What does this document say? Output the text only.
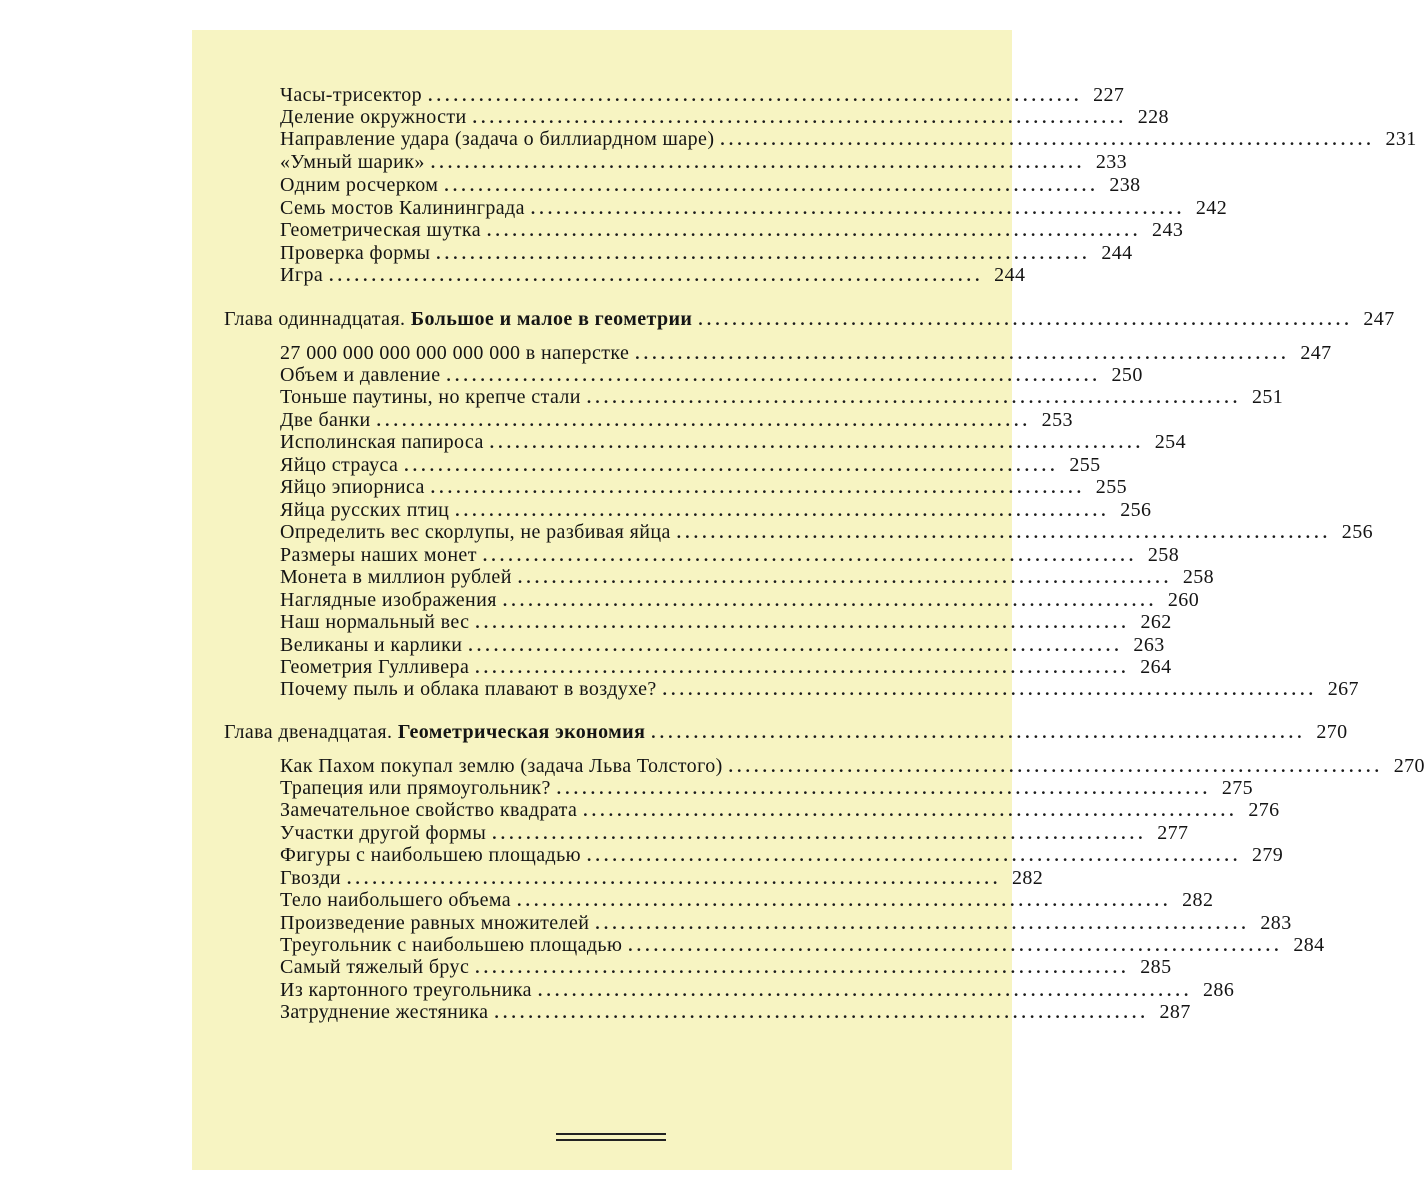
Часы-трисектор . . . . . . . . . . . . . . . . . . . . . . . . . . . . . . . . . . . . . . . . . . . . . . . . . . . . . . . . . . . . . . . . . . . . . . . . . . . . . 227
Деление окружности . . . . . . . . . . . . . . . . . . . . . . . . . . . . . . . . . . . . . . . . . . . . . . . . . . . . . . . . . . . . . . . . . . . . . . . . . . . . . 228
Направление удара (задача о биллиардном шаре) . . . . . . . . . . . . . . . . . . . . . . . . . . . . . . . . . . . . . . . . . . . . . . . . . . . . . . . . . . . . . . . . . . . . . . . . . . . . . 231
«Умный шарик» . . . . . . . . . . . . . . . . . . . . . . . . . . . . . . . . . . . . . . . . . . . . . . . . . . . . . . . . . . . . . . . . . . . . . . . . . . . . . 233
Одним росчерком . . . . . . . . . . . . . . . . . . . . . . . . . . . . . . . . . . . . . . . . . . . . . . . . . . . . . . . . . . . . . . . . . . . . . . . . . . . . . 238
Семь мостов Калининграда . . . . . . . . . . . . . . . . . . . . . . . . . . . . . . . . . . . . . . . . . . . . . . . . . . . . . . . . . . . . . . . . . . . . . . . . . . . . . 242
Геометрическая шутка . . . . . . . . . . . . . . . . . . . . . . . . . . . . . . . . . . . . . . . . . . . . . . . . . . . . . . . . . . . . . . . . . . . . . . . . . . . . . 243
Проверка формы . . . . . . . . . . . . . . . . . . . . . . . . . . . . . . . . . . . . . . . . . . . . . . . . . . . . . . . . . . . . . . . . . . . . . . . . . . . . . 244
Игра . . . . . . . . . . . . . . . . . . . . . . . . . . . . . . . . . . . . . . . . . . . . . . . . . . . . . . . . . . . . . . . . . . . . . . . . . . . . . 244
Глава одиннадцатая. Большое и малое в геометрии . . . . . . . . . . . . . . . . . . . . . . . . . . . . . . . . . . . . . . . . . . . . . . . . . . . . . . . . . . . . . . . . . . . . . . . . . . . . . 247
27 000 000 000 000 000 000 в наперстке . . . . . . . . . . . . . . . . . . . . . . . . . . . . . . . . . . . . . . . . . . . . . . . . . . . . . . . . . . . . . . . . . . . . . . . . . . . . . 247
Объем и давление . . . . . . . . . . . . . . . . . . . . . . . . . . . . . . . . . . . . . . . . . . . . . . . . . . . . . . . . . . . . . . . . . . . . . . . . . . . . . 250
Тоньше паутины, но крепче стали . . . . . . . . . . . . . . . . . . . . . . . . . . . . . . . . . . . . . . . . . . . . . . . . . . . . . . . . . . . . . . . . . . . . . . . . . . . . . 251
Две банки . . . . . . . . . . . . . . . . . . . . . . . . . . . . . . . . . . . . . . . . . . . . . . . . . . . . . . . . . . . . . . . . . . . . . . . . . . . . . 253
Исполинская папироса . . . . . . . . . . . . . . . . . . . . . . . . . . . . . . . . . . . . . . . . . . . . . . . . . . . . . . . . . . . . . . . . . . . . . . . . . . . . . 254
Яйцо страуса . . . . . . . . . . . . . . . . . . . . . . . . . . . . . . . . . . . . . . . . . . . . . . . . . . . . . . . . . . . . . . . . . . . . . . . . . . . . . 255
Яйцо эпиорниса . . . . . . . . . . . . . . . . . . . . . . . . . . . . . . . . . . . . . . . . . . . . . . . . . . . . . . . . . . . . . . . . . . . . . . . . . . . . . 255
Яйца русских птиц . . . . . . . . . . . . . . . . . . . . . . . . . . . . . . . . . . . . . . . . . . . . . . . . . . . . . . . . . . . . . . . . . . . . . . . . . . . . . 256
Определить вес скорлупы, не разбивая яйца . . . . . . . . . . . . . . . . . . . . . . . . . . . . . . . . . . . . . . . . . . . . . . . . . . . . . . . . . . . . . . . . . . . . . . . . . . . . . 256
Размеры наших монет . . . . . . . . . . . . . . . . . . . . . . . . . . . . . . . . . . . . . . . . . . . . . . . . . . . . . . . . . . . . . . . . . . . . . . . . . . . . . 258
Монета в миллион рублей . . . . . . . . . . . . . . . . . . . . . . . . . . . . . . . . . . . . . . . . . . . . . . . . . . . . . . . . . . . . . . . . . . . . . . . . . . . . . 258
Наглядные изображения . . . . . . . . . . . . . . . . . . . . . . . . . . . . . . . . . . . . . . . . . . . . . . . . . . . . . . . . . . . . . . . . . . . . . . . . . . . . . 260
Наш нормальный вес . . . . . . . . . . . . . . . . . . . . . . . . . . . . . . . . . . . . . . . . . . . . . . . . . . . . . . . . . . . . . . . . . . . . . . . . . . . . . 262
Великаны и карлики . . . . . . . . . . . . . . . . . . . . . . . . . . . . . . . . . . . . . . . . . . . . . . . . . . . . . . . . . . . . . . . . . . . . . . . . . . . . . 263
Геометрия Гулливера . . . . . . . . . . . . . . . . . . . . . . . . . . . . . . . . . . . . . . . . . . . . . . . . . . . . . . . . . . . . . . . . . . . . . . . . . . . . . 264
Почему пыль и облака плавают в воздухе? . . . . . . . . . . . . . . . . . . . . . . . . . . . . . . . . . . . . . . . . . . . . . . . . . . . . . . . . . . . . . . . . . . . . . . . . . . . . . 267
Глава двенадцатая. Геометрическая экономия . . . . . . . . . . . . . . . . . . . . . . . . . . . . . . . . . . . . . . . . . . . . . . . . . . . . . . . . . . . . . . . . . . . . . . . . . . . . . 270
Как Пахом покупал землю (задача Льва Толстого) . . . . . . . . . . . . . . . . . . . . . . . . . . . . . . . . . . . . . . . . . . . . . . . . . . . . . . . . . . . . . . . . . . . . . . . . . . . . . 270
Трапеция или прямоугольник? . . . . . . . . . . . . . . . . . . . . . . . . . . . . . . . . . . . . . . . . . . . . . . . . . . . . . . . . . . . . . . . . . . . . . . . . . . . . . 275
Замечательное свойство квадрата . . . . . . . . . . . . . . . . . . . . . . . . . . . . . . . . . . . . . . . . . . . . . . . . . . . . . . . . . . . . . . . . . . . . . . . . . . . . . 276
Участки другой формы . . . . . . . . . . . . . . . . . . . . . . . . . . . . . . . . . . . . . . . . . . . . . . . . . . . . . . . . . . . . . . . . . . . . . . . . . . . . . 277
Фигуры с наибольшею площадью . . . . . . . . . . . . . . . . . . . . . . . . . . . . . . . . . . . . . . . . . . . . . . . . . . . . . . . . . . . . . . . . . . . . . . . . . . . . . 279
Гвозди . . . . . . . . . . . . . . . . . . . . . . . . . . . . . . . . . . . . . . . . . . . . . . . . . . . . . . . . . . . . . . . . . . . . . . . . . . . . . 282
Тело наибольшего объема . . . . . . . . . . . . . . . . . . . . . . . . . . . . . . . . . . . . . . . . . . . . . . . . . . . . . . . . . . . . . . . . . . . . . . . . . . . . . 282
Произведение равных множителей . . . . . . . . . . . . . . . . . . . . . . . . . . . . . . . . . . . . . . . . . . . . . . . . . . . . . . . . . . . . . . . . . . . . . . . . . . . . . 283
Треугольник с наибольшею площадью . . . . . . . . . . . . . . . . . . . . . . . . . . . . . . . . . . . . . . . . . . . . . . . . . . . . . . . . . . . . . . . . . . . . . . . . . . . . . 284
Самый тяжелый брус . . . . . . . . . . . . . . . . . . . . . . . . . . . . . . . . . . . . . . . . . . . . . . . . . . . . . . . . . . . . . . . . . . . . . . . . . . . . . 285
Из картонного треугольника . . . . . . . . . . . . . . . . . . . . . . . . . . . . . . . . . . . . . . . . . . . . . . . . . . . . . . . . . . . . . . . . . . . . . . . . . . . . . 286
Затруднение жестяника . . . . . . . . . . . . . . . . . . . . . . . . . . . . . . . . . . . . . . . . . . . . . . . . . . . . . . . . . . . . . . . . . . . . . . . . . . . . . 287
